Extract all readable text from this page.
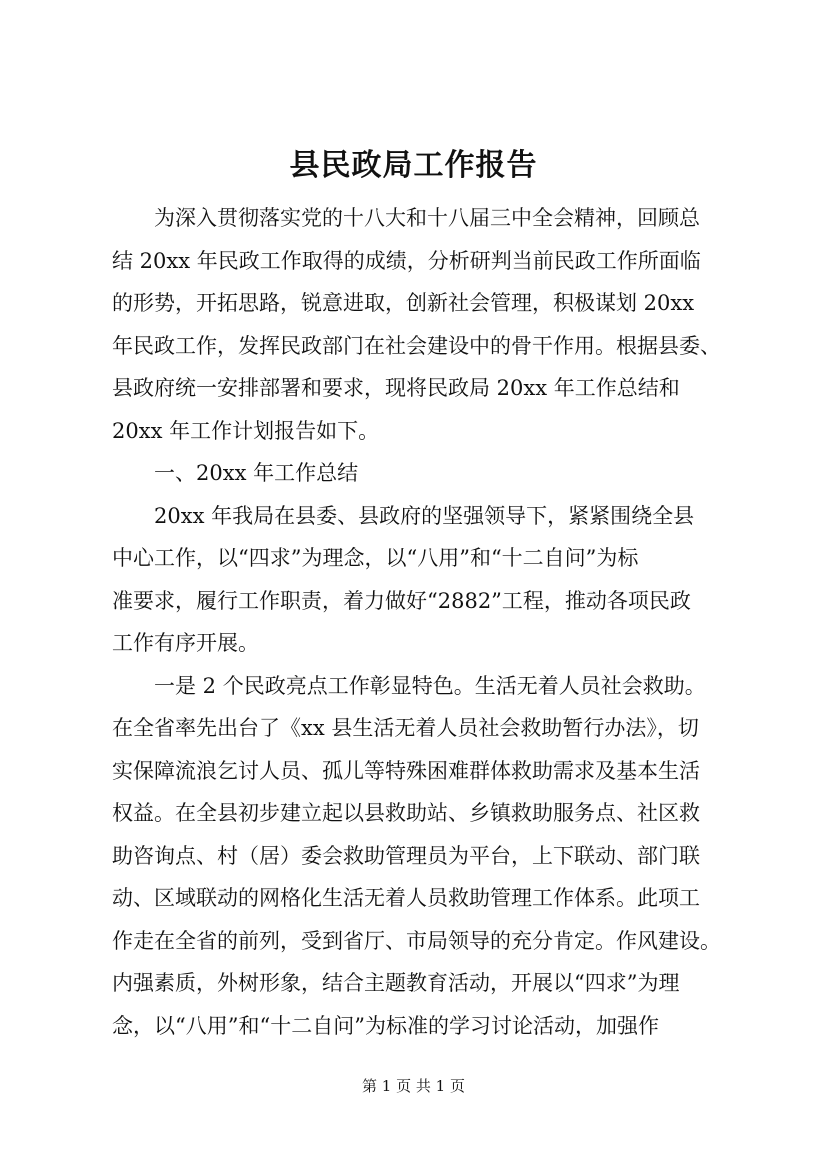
县民政局工作报告
　　为深入贯彻落实党的十八大和十八届三中全会精神，回顾总
结 20xx 年民政工作取得的成绩，分析研判当前民政工作所面临
的形势，开拓思路，锐意进取，创新社会管理，积极谋划 20xx
年民政工作，发挥民政部门在社会建设中的骨干作用。根据县委、
县政府统一安排部署和要求，现将民政局 20xx 年工作总结和
20xx 年工作计划报告如下。
　　一、20xx 年工作总结
　　20xx 年我局在县委、县政府的坚强领导下，紧紧围绕全县
中心工作，以“四求”为理念，以“八用”和“十二自问”为标
准要求，履行工作职责，着力做好“2882”工程，推动各项民政
工作有序开展。
　　一是 2 个民政亮点工作彰显特色。生活无着人员社会救助。
在全省率先出台了《xx 县生活无着人员社会救助暂行办法》，切
实保障流浪乞讨人员、孤儿等特殊困难群体救助需求及基本生活
权益。在全县初步建立起以县救助站、乡镇救助服务点、社区救
助咨询点、村（居）委会救助管理员为平台，上下联动、部门联
动、区域联动的网格化生活无着人员救助管理工作体系。此项工
作走在全省的前列，受到省厅、市局领导的充分肯定。作风建设。
内强素质，外树形象，结合主题教育活动，开展以“四求”为理
念，以“八用”和“十二自问”为标准的学习讨论活动，加强作
第 1 页 共 1 页
